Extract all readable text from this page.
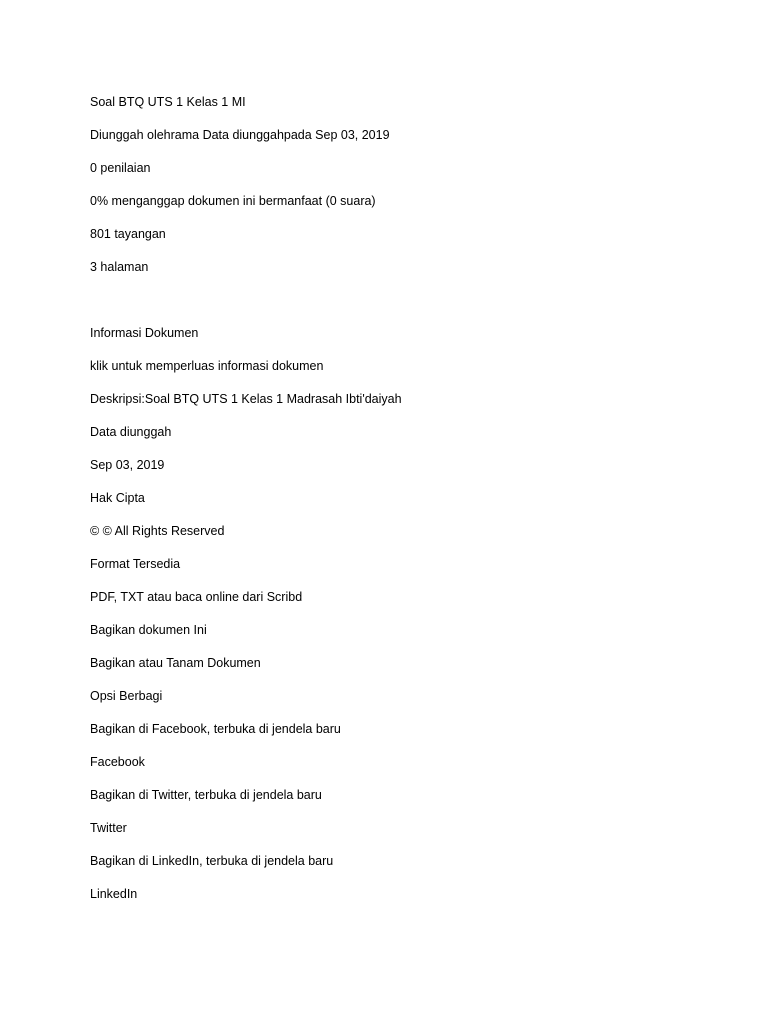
Soal BTQ UTS 1 Kelas 1 MI
Diunggah olehrama Data diunggahpada Sep 03, 2019
0 penilaian
0% menganggap dokumen ini bermanfaat (0 suara)
801 tayangan
3 halaman
Informasi Dokumen
klik untuk memperluas informasi dokumen
Deskripsi:Soal BTQ UTS 1 Kelas 1 Madrasah Ibti'daiyah
Data diunggah
Sep 03, 2019
Hak Cipta
© © All Rights Reserved
Format Tersedia
PDF, TXT atau baca online dari Scribd
Bagikan dokumen Ini
Bagikan atau Tanam Dokumen
Opsi Berbagi
Bagikan di Facebook, terbuka di jendela baru
Facebook
Bagikan di Twitter, terbuka di jendela baru
Twitter
Bagikan di LinkedIn, terbuka di jendela baru
LinkedIn
